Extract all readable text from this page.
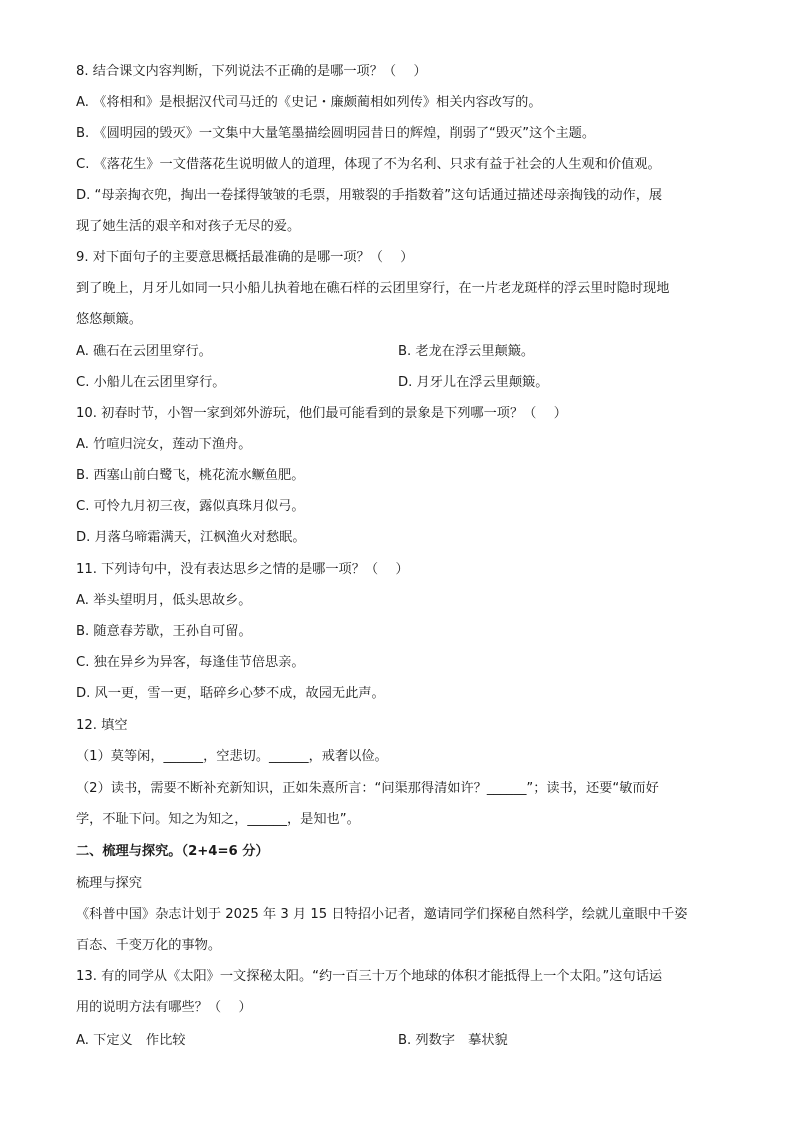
8. 结合课文内容判断，下列说法不正确的是哪一项？（　 ）
A. 《将相和》是根据汉代司马迁的《史记・廉颇蔺相如列传》相关内容改写的。
B. 《圆明园的毁灭》一文集中大量笔墨描绘圆明园昔日的辉煌，削弱了“毁灭”这个主题。
C. 《落花生》一文借落花生说明做人的道理，体现了不为名利、只求有益于社会的人生观和价值观。
D. “母亲掏衣兜，掏出一卷揉得皱皱的毛票，用皲裂的手指数着”这句话通过描述母亲掏钱的动作，展
现了她生活的艰辛和对孩子无尽的爱。
9. 对下面句子的主要意思概括最准确的是哪一项？（　 ）
到了晚上，月牙儿如同一只小船儿执着地在礁石样的云团里穿行，在一片老龙斑样的浮云里时隐时现地
悠悠颠簸。
A. 礁石在云团里穿行。	B. 老龙在浮云里颠簸。
C. 小船儿在云团里穿行。	D. 月牙儿在浮云里颠簸。
10. 初春时节，小智一家到郊外游玩，他们最可能看到的景象是下列哪一项？（　 ）
A. 竹喧归浣女，莲动下渔舟。
B. 西塞山前白鹭飞，桃花流水鳜鱼肥。
C. 可怜九月初三夜，露似真珠月似弓。
D. 月落乌啼霜满天，江枫渔火对愁眠。
11. 下列诗句中，没有表达思乡之情的是哪一项？（　 ）
A. 举头望明月，低头思故乡。
B. 随意春芳歇，王孙自可留。
C. 独在异乡为异客，每逢佳节倍思亲。
D. 风一更，雪一更，聒碎乡心梦不成，故园无此声。
12. 填空
（1）莫等闲，______，空悲切。______，戒奢以俭。
（2）读书，需要不断补充新知识，正如朱熹所言：“问渠那得清如许？______”；读书，还要“敏而好
学，不耻下问。知之为知之，______，是知也”。
二、梳理与探究。（2+4=6 分）
梳理与探究
《科普中国》杂志计划于 2025 年 3 月 15 日特招小记者，邀请同学们探秘自然科学，绘就儿童眼中千姿
百态、千变万化的事物。
13. 有的同学从《太阳》一文探秘太阳。“约一百三十万个地球的体积才能抵得上一个太阳。”这句话运
用的说明方法有哪些？（　 ）
A. 下定义　作比较	B. 列数字　摹状貌
